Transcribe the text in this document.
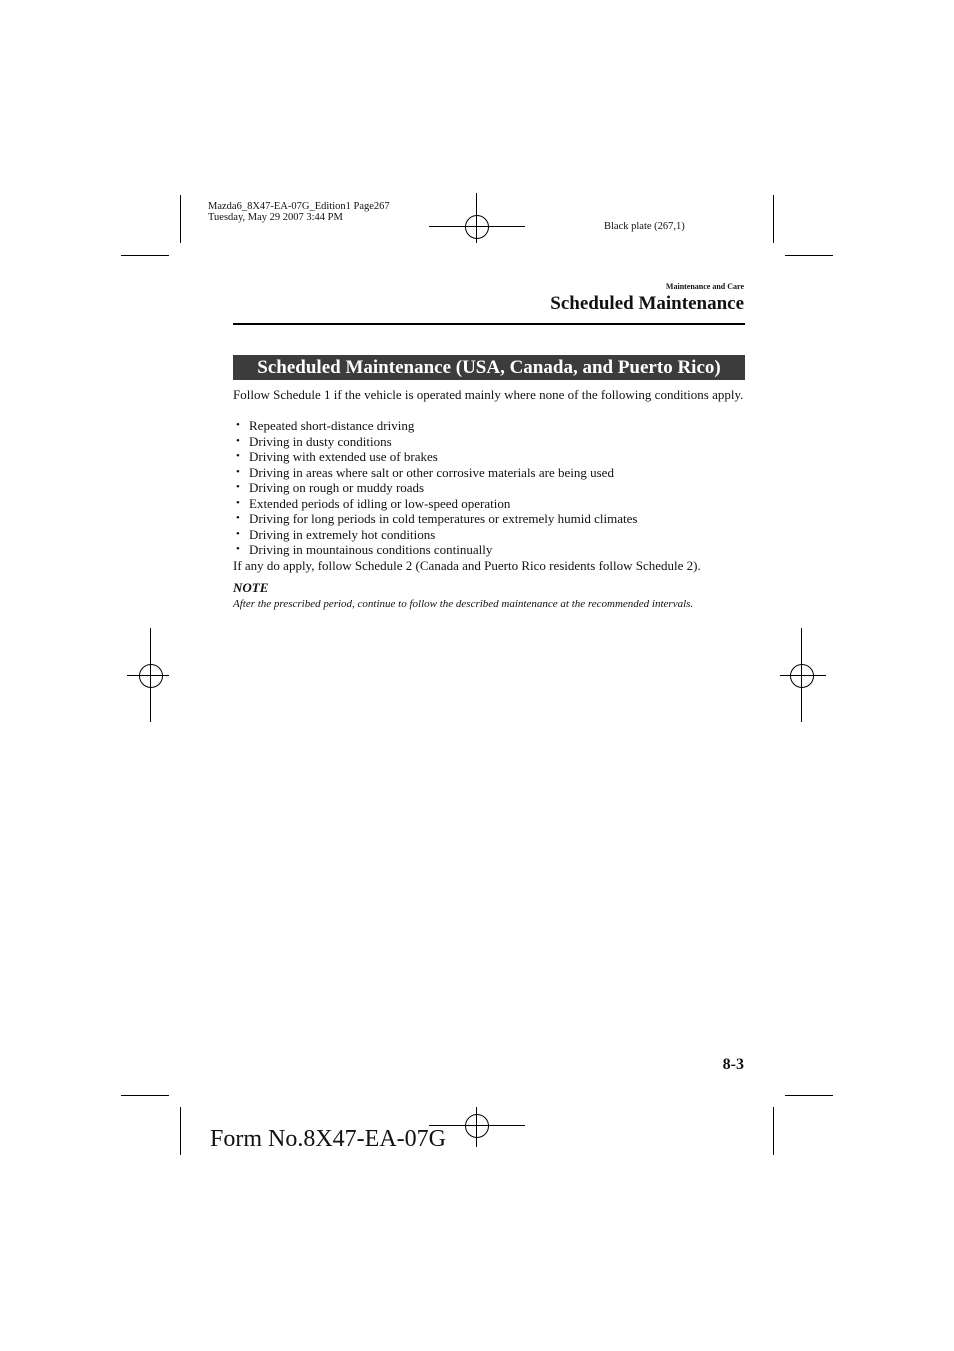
Mazda6_8X47-EA-07G_Edition1 Page267
Tuesday, May 29 2007 3:44 PM
Black plate (267,1)
Maintenance and Care
Scheduled Maintenance
Scheduled Maintenance (USA, Canada, and Puerto Rico)
Follow Schedule 1 if the vehicle is operated mainly where none of the following conditions apply.
• Repeated short-distance driving
• Driving in dusty conditions
• Driving with extended use of brakes
• Driving in areas where salt or other corrosive materials are being used
• Driving on rough or muddy roads
• Extended periods of idling or low-speed operation
• Driving for long periods in cold temperatures or extremely humid climates
• Driving in extremely hot conditions
• Driving in mountainous conditions continually
If any do apply, follow Schedule 2 (Canada and Puerto Rico residents follow Schedule 2).
NOTE
After the prescribed period, continue to follow the described maintenance at the recommended intervals.
8-3
Form No.8X47-EA-07G
